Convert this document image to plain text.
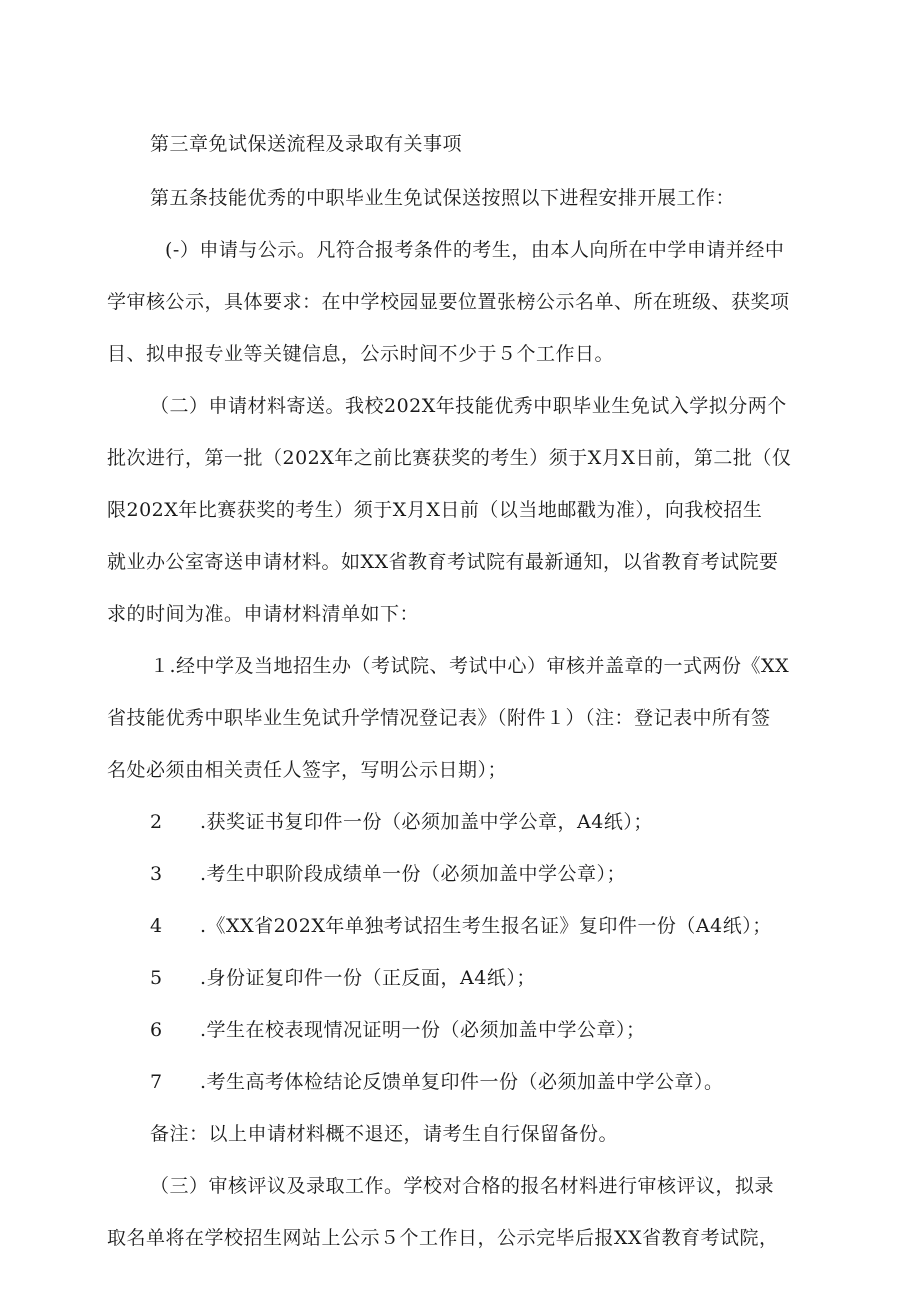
第三章免试保送流程及录取有关事项
第五条技能优秀的中职毕业生免试保送按照以下进程安排开展工作：
(-）申请与公示。凡符合报考条件的考生，由本人向所在中学申请并经中
学审核公示，具体要求：在中学校园显要位置张榜公示名单、所在班级、获奖项
目、拟申报专业等关键信息，公示时间不少于５个工作日。
（二）申请材料寄送。我校202X年技能优秀中职毕业生免试入学拟分两个
批次进行，第一批（202X年之前比赛获奖的考生）须于X月X日前，第二批（仅
限202X年比赛获奖的考生）须于X月X日前（以当地邮戳为准），向我校招生
就业办公室寄送申请材料。如XX省教育考试院有最新通知，以省教育考试院要
求的时间为准。申请材料清单如下：
１.经中学及当地招生办（考试院、考试中心）审核并盖章的一式两份《XX
省技能优秀中职毕业生免试升学情况登记表》（附件１）（注：登记表中所有签
名处必须由相关责任人签字，写明公示日期）；
2 .获奖证书复印件一份（必须加盖中学公章，A4纸）；
3 .考生中职阶段成绩单一份（必须加盖中学公章）；
4 .《XX省202X年单独考试招生考生报名证》复印件一份（A4纸）；
5 .身份证复印件一份（正反面，A4纸）；
6 .学生在校表现情况证明一份（必须加盖中学公章）；
7 .考生高考体检结论反馈单复印件一份（必须加盖中学公章）。
备注：以上申请材料概不退还，请考生自行保留备份。
（三）审核评议及录取工作。学校对合格的报名材料进行审核评议，拟录
取名单将在学校招生网站上公示５个工作日，公示完毕后报XX省教育考试院，
